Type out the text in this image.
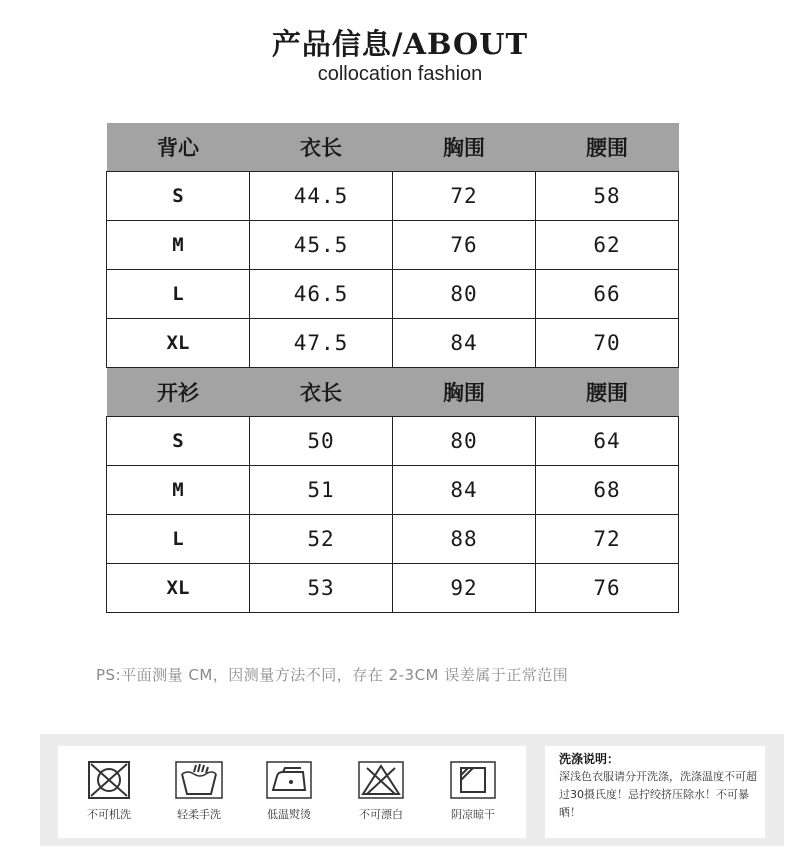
产品信息/ABOUT
collocation fashion
背心	衣长	胸围	腰围
S	44.5	72	58
M	45.5	76	62
L	46.5	80	66
XL	47.5	84	70
开衫	衣长	胸围	腰围
S	50	80	64
M	51	84	68
L	52	88	72
XL	53	92	76
PS:平面测量 CM，因测量方法不同，存在 2-3CM 误差属于正常范围
不可机洗	轻柔手洗	低温熨烫	不可漂白	阴凉晾干
洗涤说明：
深浅色衣服请分开洗涤，洗涤温度不可超过30摄氏度！忌拧绞挤压除水！不可暴晒！
